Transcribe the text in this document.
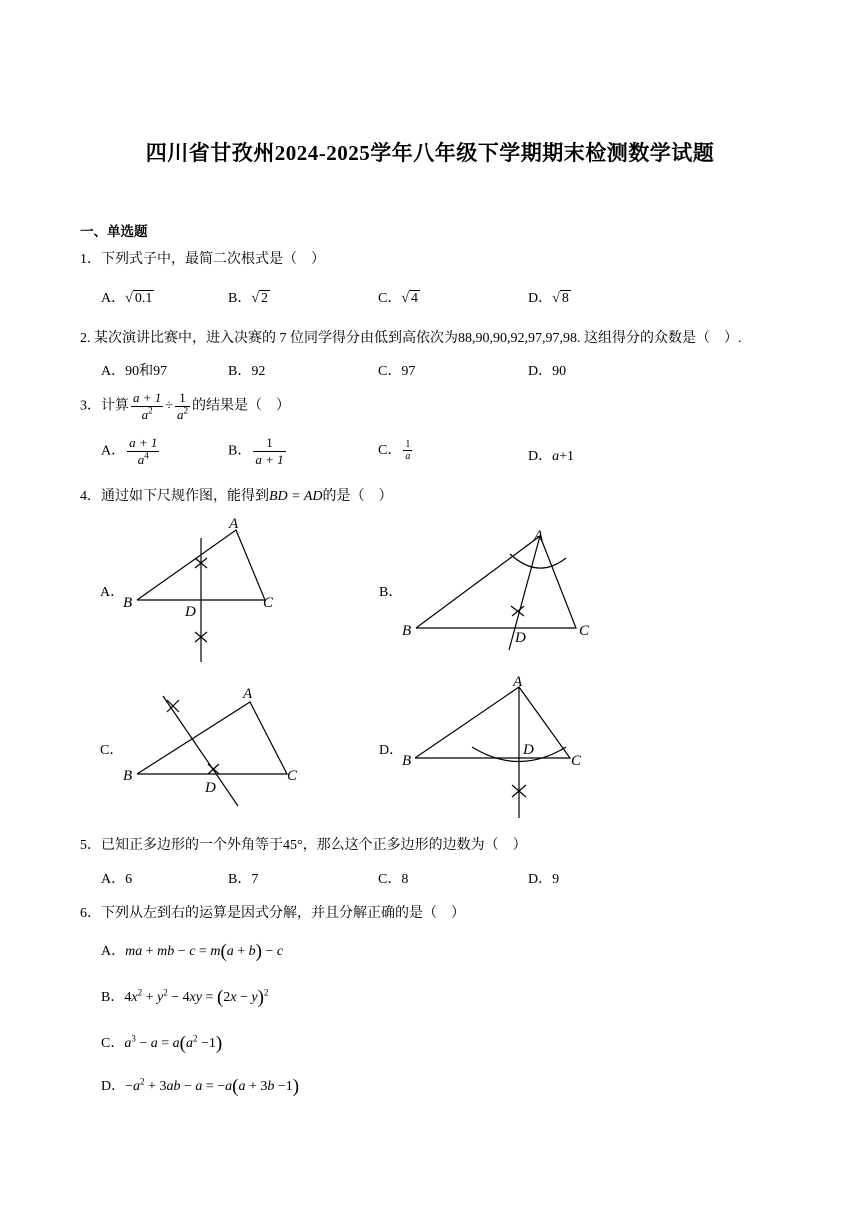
四川省甘孜州2024-2025学年八年级下学期期末检测数学试题
一、单选题
1．下列式子中，最简二次根式是（　）
A．√ 0.1	B．√ 2	C．√ 4	D．√ 8
2. 某次演讲比赛中，进入决赛的 7 位同学得分由低到高依次为88,90,90,92,97,97,98. 这组得分的众数是（　）.
A．90和97	B．92	C．97	D．90
3．计算 $\frac{a + 1}{a^2} \div \frac{1}{a^2}$ 的结果是（　）
A． $\frac{a + 1}{a^4}$	B． $\frac{1}{a + 1}$	C． $\frac{1}{a}$	D．a+1
4．通过如下尺规作图，能得到BD = AD的是（　）
A．	B．
C．	D．
A
B	C
D
A
B	C
D
A
B	C
D
A
B	C
D
5．已知正多边形的一个外角等于45°，那么这个正多边形的边数为（　）
A．6	B．7	C．8	D．9
6．下列从左到右的运算是因式分解，并且分解正确的是（　）
A．ma + mb − c = m(a + b) − c
B．$4x^2 + y^2 - 4xy = (2x - y)^2$
C．$a^3 - a = a(a^2 -1)$
D．$-a^2 + 3ab - a = -a(a + 3b -1)$
